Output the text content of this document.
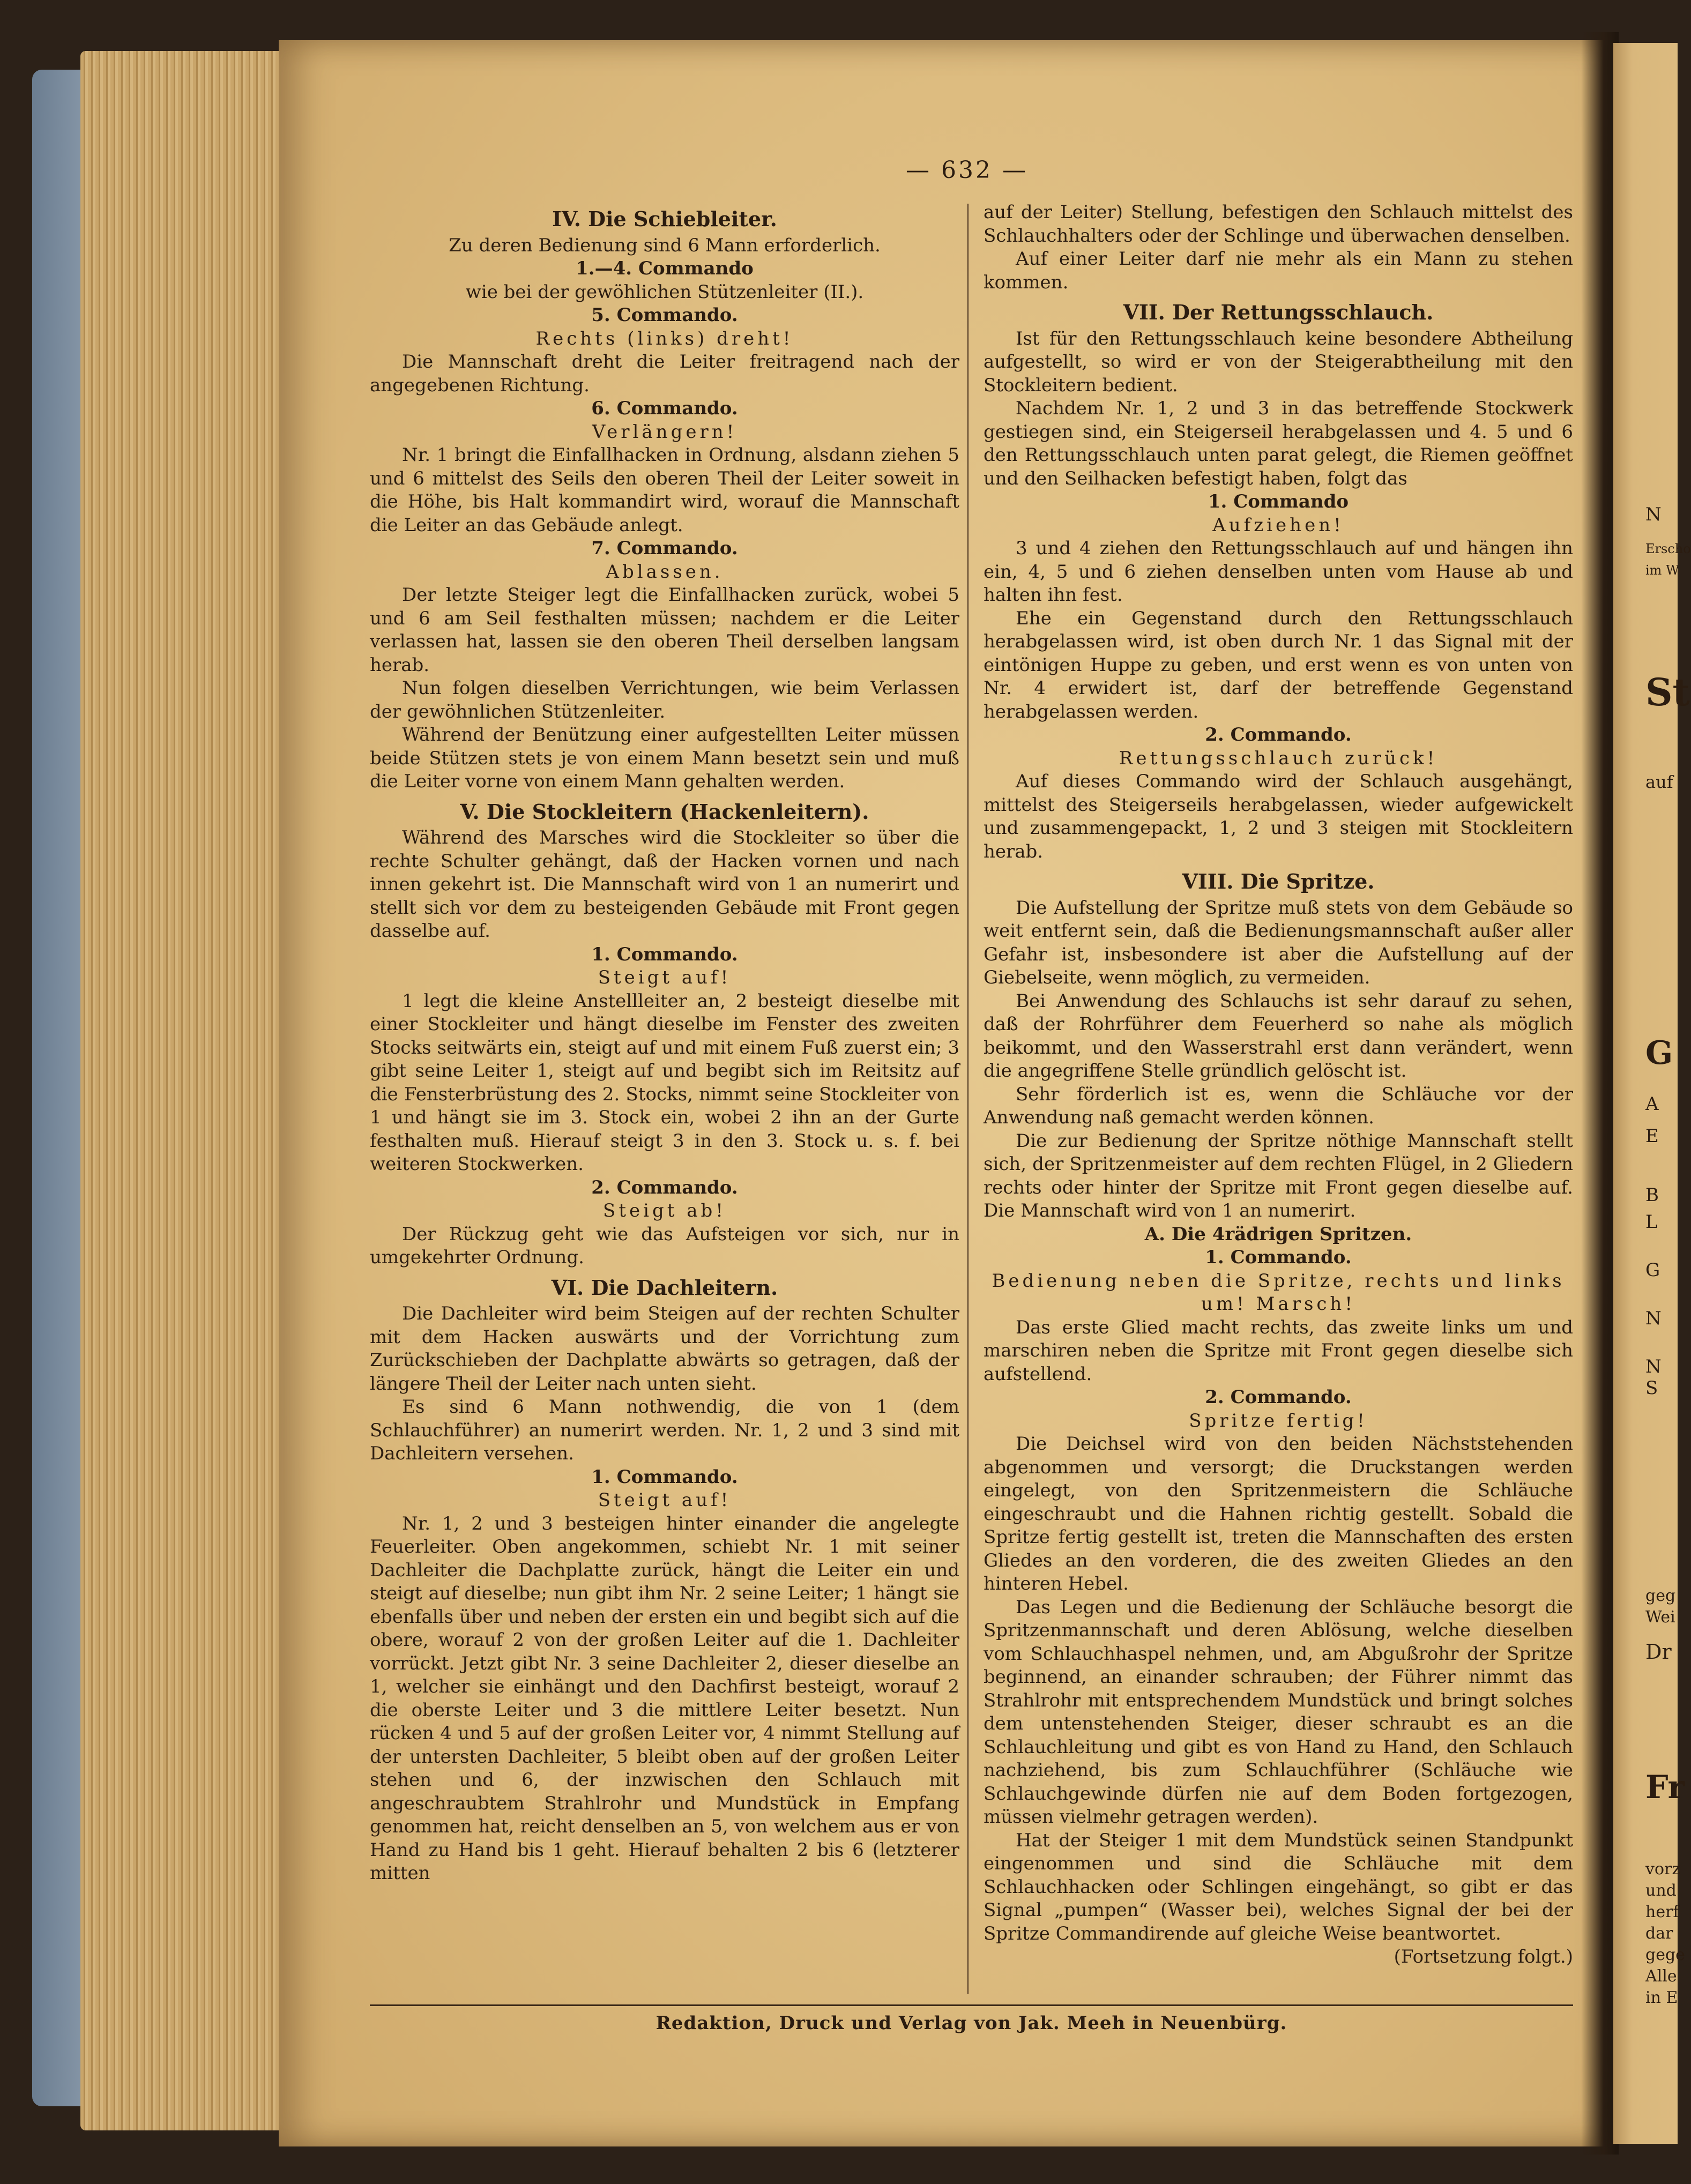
N
Erscho
im W
St
auf
G
A
E
B
L
G
N
N
S
geg
Wei
Dr
Fr
vorz
und
herf
dar
gege
Alle
in E
— 632 —

IV. Die Schiebleiter.

Zu deren Bedienung sind 6 Mann erforderlich.

1.—4. Commando

wie bei der gewöhlichen Stützenleiter (II.).

5. Commando.

Rechts (links) dreht!

Die Mannschaft dreht die Leiter freitragend nach der angegebenen Richtung.

6. Commando.

Verlängern!

Nr. 1 bringt die Einfallhacken in Ordnung, alsdann ziehen 5 und 6 mittelst des Seils den oberen Theil der Leiter soweit in die Höhe, bis Halt kommandirt wird, worauf die Mannschaft die Leiter an das Gebäude anlegt.

7. Commando.

Ablassen.

Der letzte Steiger legt die Einfallhacken zurück, wobei 5 und 6 am Seil festhalten müssen; nachdem er die Leiter verlassen hat, lassen sie den oberen Theil derselben langsam herab.

Nun folgen dieselben Verrichtungen, wie beim Verlassen der gewöhnlichen Stützenleiter.

Während der Benützung einer aufgestellten Leiter müssen beide Stützen stets je von einem Mann besetzt sein und muß die Leiter vorne von einem Mann gehalten werden.

V. Die Stockleitern (Hackenleitern).

Während des Marsches wird die Stockleiter so über die rechte Schulter gehängt, daß der Hacken vornen und nach innen gekehrt ist. Die Mannschaft wird von 1 an numerirt und stellt sich vor dem zu besteigenden Gebäude mit Front gegen dasselbe auf.

1. Commando.

Steigt auf!

1 legt die kleine Anstellleiter an, 2 besteigt dieselbe mit einer Stockleiter und hängt dieselbe im Fenster des zweiten Stocks seitwärts ein, steigt auf und mit einem Fuß zuerst ein; 3 gibt seine Leiter 1, steigt auf und begibt sich im Reitsitz auf die Fensterbrüstung des 2. Stocks, nimmt seine Stockleiter von 1 und hängt sie im 3. Stock ein, wobei 2 ihn an der Gurte festhalten muß. Hierauf steigt 3 in den 3. Stock u. s. f. bei weiteren Stockwerken.

2. Commando.

Steigt ab!

Der Rückzug geht wie das Aufsteigen vor sich, nur in umgekehrter Ordnung.

VI. Die Dachleitern.

Die Dachleiter wird beim Steigen auf der rechten Schulter mit dem Hacken auswärts und der Vorrichtung zum Zurückschieben der Dachplatte abwärts so getragen, daß der längere Theil der Leiter nach unten sieht.

Es sind 6 Mann nothwendig, die von 1 (dem Schlauchführer) an numerirt werden. Nr. 1, 2 und 3 sind mit Dachleitern versehen.

1. Commando.

Steigt auf!

Nr. 1, 2 und 3 besteigen hinter einander die angelegte Feuerleiter. Oben angekommen, schiebt Nr. 1 mit seiner Dachleiter die Dachplatte zurück, hängt die Leiter ein und steigt auf dieselbe; nun gibt ihm Nr. 2 seine Leiter; 1 hängt sie ebenfalls über und neben der ersten ein und begibt sich auf die obere, worauf 2 von der großen Leiter auf die 1. Dachleiter vorrückt. Jetzt gibt Nr. 3 seine Dachleiter 2, dieser dieselbe an 1, welcher sie einhängt und den Dachfirst besteigt, worauf 2 die oberste Leiter und 3 die mittlere Leiter besetzt. Nun rücken 4 und 5 auf der großen Leiter vor, 4 nimmt Stellung auf der untersten Dachleiter, 5 bleibt oben auf der großen Leiter stehen und 6, der inzwischen den Schlauch mit angeschraubtem Strahlrohr und Mundstück in Empfang genommen hat, reicht denselben an 5, von welchem aus er von Hand zu Hand bis 1 geht. Hierauf behalten 2 bis 6 (letzterer mitten

auf der Leiter) Stellung, befestigen den Schlauch mittelst des Schlauchhalters oder der Schlinge und überwachen denselben.

Auf einer Leiter darf nie mehr als ein Mann zu stehen kommen.

VII. Der Rettungsschlauch.

Ist für den Rettungsschlauch keine besondere Abtheilung aufgestellt, so wird er von der Steigerabtheilung mit den Stockleitern bedient.

Nachdem Nr. 1, 2 und 3 in das betreffende Stockwerk gestiegen sind, ein Steigerseil herabgelassen und 4. 5 und 6 den Rettungsschlauch unten parat gelegt, die Riemen geöffnet und den Seilhacken befestigt haben, folgt das

1. Commando

Aufziehen!

3 und 4 ziehen den Rettungsschlauch auf und hängen ihn ein, 4, 5 und 6 ziehen denselben unten vom Hause ab und halten ihn fest.

Ehe ein Gegenstand durch den Rettungsschlauch herabgelassen wird, ist oben durch Nr. 1 das Signal mit der eintönigen Huppe zu geben, und erst wenn es von unten von Nr. 4 erwidert ist, darf der betreffende Gegenstand herabgelassen werden.

2. Commando.

Rettungsschlauch zurück!

Auf dieses Commando wird der Schlauch ausgehängt, mittelst des Steigerseils herabgelassen, wieder aufgewickelt und zusammengepackt, 1, 2 und 3 steigen mit Stockleitern herab.

VIII. Die Spritze.

Die Aufstellung der Spritze muß stets von dem Gebäude so weit entfernt sein, daß die Bedienungsmannschaft außer aller Gefahr ist, insbesondere ist aber die Aufstellung auf der Giebelseite, wenn möglich, zu vermeiden.

Bei Anwendung des Schlauchs ist sehr darauf zu sehen, daß der Rohrführer dem Feuerherd so nahe als möglich beikommt, und den Wasserstrahl erst dann verändert, wenn die angegriffene Stelle gründlich gelöscht ist.

Sehr förderlich ist es, wenn die Schläuche vor der Anwendung naß gemacht werden können.

Die zur Bedienung der Spritze nöthige Mannschaft stellt sich, der Spritzenmeister auf dem rechten Flügel, in 2 Gliedern rechts oder hinter der Spritze mit Front gegen dieselbe auf. Die Mannschaft wird von 1 an numerirt.

A. Die 4rädrigen Spritzen.

1. Commando.

Bedienung neben die Spritze, rechts und links um! Marsch!

Das erste Glied macht rechts, das zweite links um und marschiren neben die Spritze mit Front gegen dieselbe sich aufstellend.

2. Commando.

Spritze fertig!

Die Deichsel wird von den beiden Nächststehenden abgenommen und versorgt; die Druckstangen werden eingelegt, von den Spritzenmeistern die Schläuche eingeschraubt und die Hahnen richtig gestellt. Sobald die Spritze fertig gestellt ist, treten die Mannschaften des ersten Gliedes an den vorderen, die des zweiten Gliedes an den hinteren Hebel.

Das Legen und die Bedienung der Schläuche besorgt die Spritzenmannschaft und deren Ablösung, welche dieselben vom Schlauchhaspel nehmen, und, am Abgußrohr der Spritze beginnend, an einander schrauben; der Führer nimmt das Strahlrohr mit entsprechendem Mundstück und bringt solches dem untenstehenden Steiger, dieser schraubt es an die Schlauchleitung und gibt es von Hand zu Hand, den Schlauch nachziehend, bis zum Schlauchführer (Schläuche wie Schlauchgewinde dürfen nie auf dem Boden fortgezogen, müssen vielmehr getragen werden).

Hat der Steiger 1 mit dem Mundstück seinen Standpunkt eingenommen und sind die Schläuche mit dem Schlauchhacken oder Schlingen eingehängt, so gibt er das Signal „pumpen“ (Wasser bei), welches Signal der bei der Spritze Commandirende auf gleiche Weise beantwortet.

(Fortsetzung folgt.)

Redaktion, Druck und Verlag von Jak. Meeh in Neuenbürg.
